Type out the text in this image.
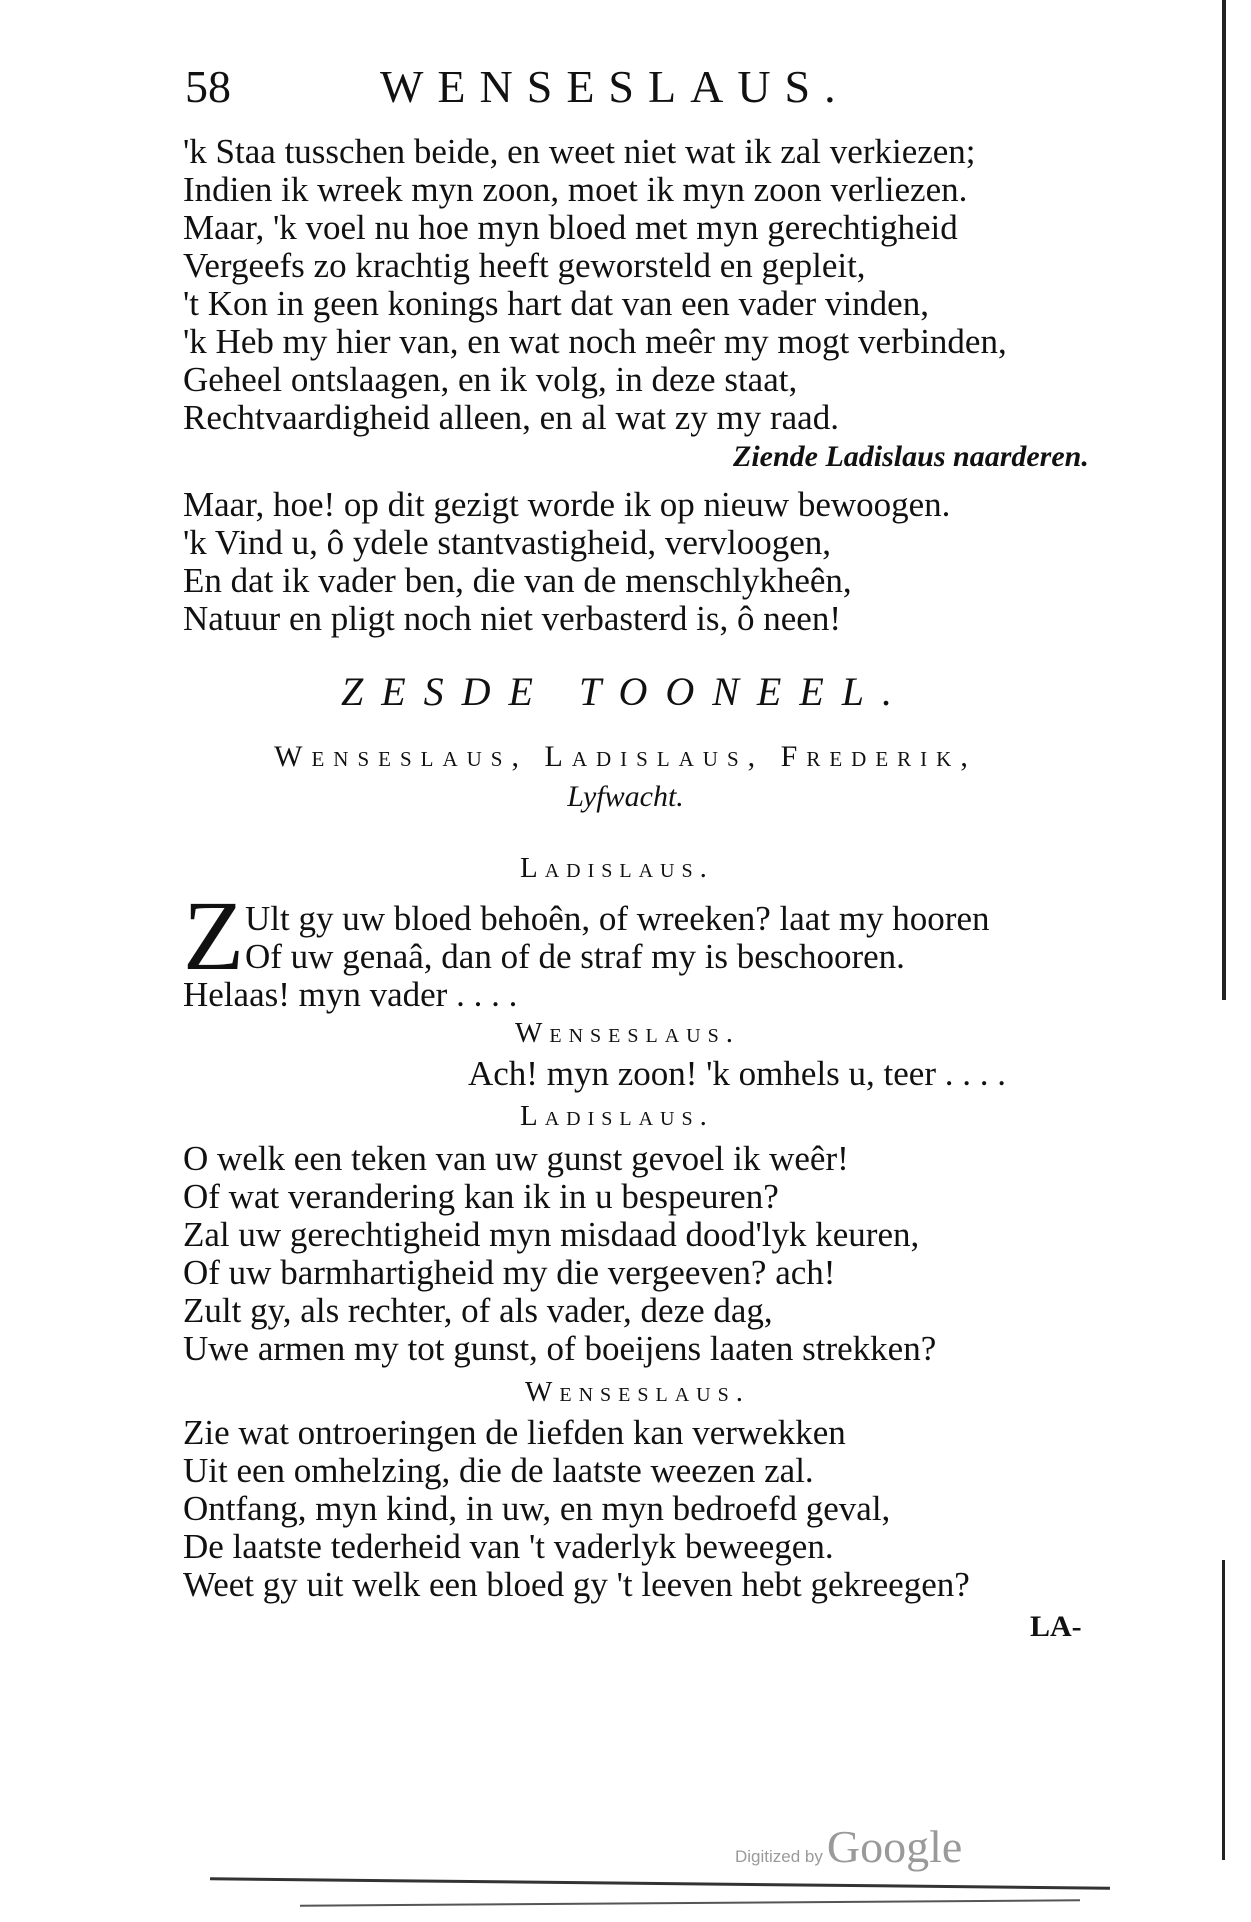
58	WENSESLAUS.
'k Staa tusschen beide, en weet niet wat ik zal verkiezen;
Indien ik wreek myn zoon, moet ik myn zoon verliezen.
Maar, 'k voel nu hoe myn bloed met myn gerechtigheid
Vergeefs zo krachtig heeft geworsteld en gepleit,
't Kon in geen konings hart dat van een vader vinden,
'k Heb my hier van, en wat noch meêr my mogt verbinden,
Geheel ontslaagen, en ik volg, in deze staat,
Rechtvaardigheid alleen, en al wat zy my raad.
Ziende Ladislaus naarderen.
Maar, hoe! op dit gezigt worde ik op nieuw bewoogen.
'k Vind u, ô ydele stantvastigheid, vervloogen,
En dat ik vader ben, die van de menschlykheên,
Natuur en pligt noch niet verbasterd is, ô neen!
ZESDE TOONEEL.
Wenseslaus, Ladislaus, Frederik,
Lyfwacht.
Ladislaus.
Z Ult gy uw bloed behoên, of wreeken? laat my hooren
Of uw genaâ, dan of de straf my is beschooren.
Helaas! myn vader . . . .
Wenseslaus.
Ach! myn zoon! 'k omhels u, teer . . . .
Ladislaus.
O welk een teken van uw gunst gevoel ik weêr!
Of wat verandering kan ik in u bespeuren?
Zal uw gerechtigheid myn misdaad dood'lyk keuren,
Of uw barmhartigheid my die vergeeven? ach!
Zult gy, als rechter, of als vader, deze dag,
Uwe armen my tot gunst, of boeijens laaten strekken?
Wenseslaus.
Zie wat ontroeringen de liefden kan verwekken
Uit een omhelzing, die de laatste weezen zal.
Ontfang, myn kind, in uw, en myn bedroefd geval,
De laatste tederheid van 't vaderlyk beweegen.
Weet gy uit welk een bloed gy 't leeven hebt gekreegen?
LA-
Digitized by Google
